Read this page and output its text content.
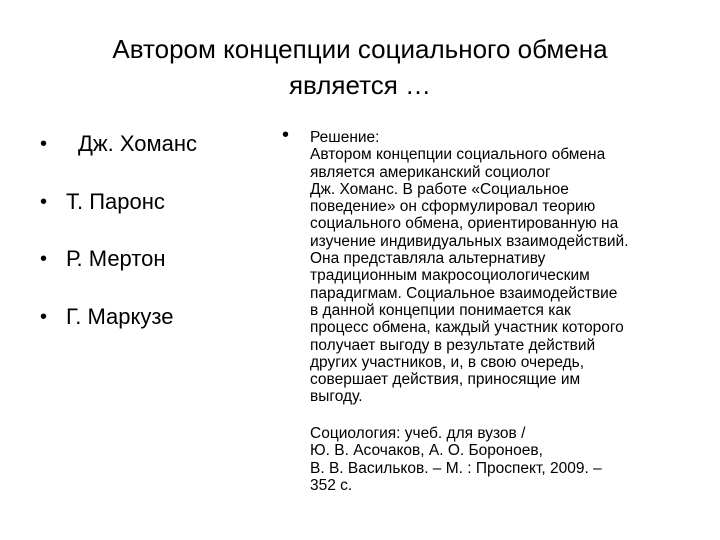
Автором концепции социального обмена
является …
• Дж. Хоманс
• Т. Паронс
• Р. Мертон
• Г. Маркузе
• Решение:
Автором концепции социального обмена
является американский социолог
Дж. Хоманс. В работе «Социальное
поведение» он сформулировал теорию
социального обмена, ориентированную на
изучение индивидуальных взаимодействий.
Она представляла альтернативу
традиционным макросоциологическим
парадигмам. Социальное взаимодействие
в данной концепции понимается как
процесс обмена, каждый участник которого
получает выгоду в результате действий
других участников, и, в свою очередь,
совершает действия, приносящие им
выгоду.
Социология: учеб. для вузов /
Ю. В. Асочаков, А. О. Бороноев,
В. В. Васильков. – М. : Проспект, 2009. –
352 с.
